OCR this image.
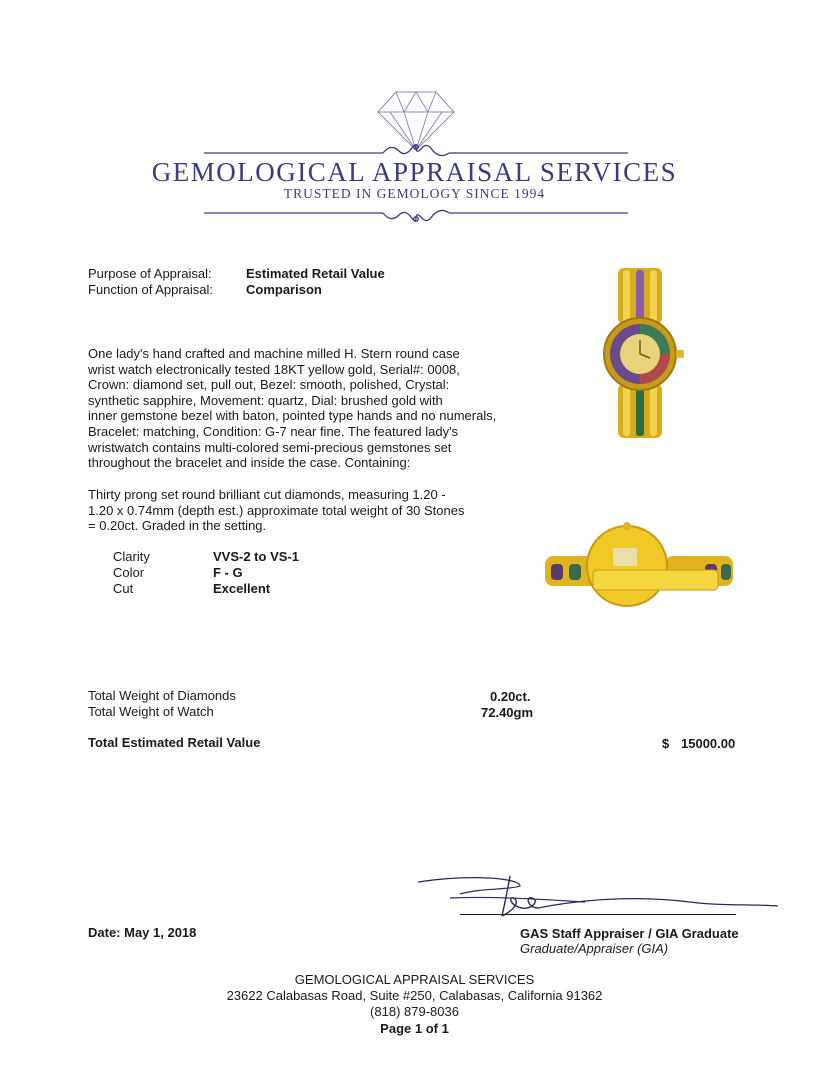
GEMOLOGICAL APPRAISAL SERVICES
TRUSTED IN GEMOLOGY SINCE 1994
Purpose of Appraisal:	Estimated Retail Value
Function of Appraisal:	Comparison
One lady's hand crafted and machine milled H. Stern round case
wrist watch electronically tested 18KT yellow gold, Serial#: 0008,
Crown: diamond set, pull out, Bezel: smooth, polished, Crystal:
synthetic sapphire, Movement: quartz, Dial: brushed gold with
inner gemstone bezel with baton, pointed type hands and no numerals,
Bracelet: matching, Condition: G-7 near fine. The featured lady's
wristwatch contains multi-colored semi-precious gemstones set
throughout the bracelet and inside the case. Containing:
Thirty prong set round brilliant cut diamonds, measuring 1.20 -
1.20 x 0.74mm (depth est.) approximate total weight of 30 Stones
= 0.20ct. Graded in the setting.
Clarity	VVS-2 to VS-1
Color	F - G
Cut	Excellent
Total Weight of Diamonds	0.20ct.
Total Weight of Watch	72.40gm
Total Estimated Retail Value	$ 15000.00
Date: May 1, 2018	GAS Staff Appraiser / GIA Graduate
Graduate/Appraiser (GIA)
GEMOLOGICAL APPRAISAL SERVICES
23622 Calabasas Road, Suite #250, Calabasas, California 91362
(818) 879-8036
Page 1 of 1
